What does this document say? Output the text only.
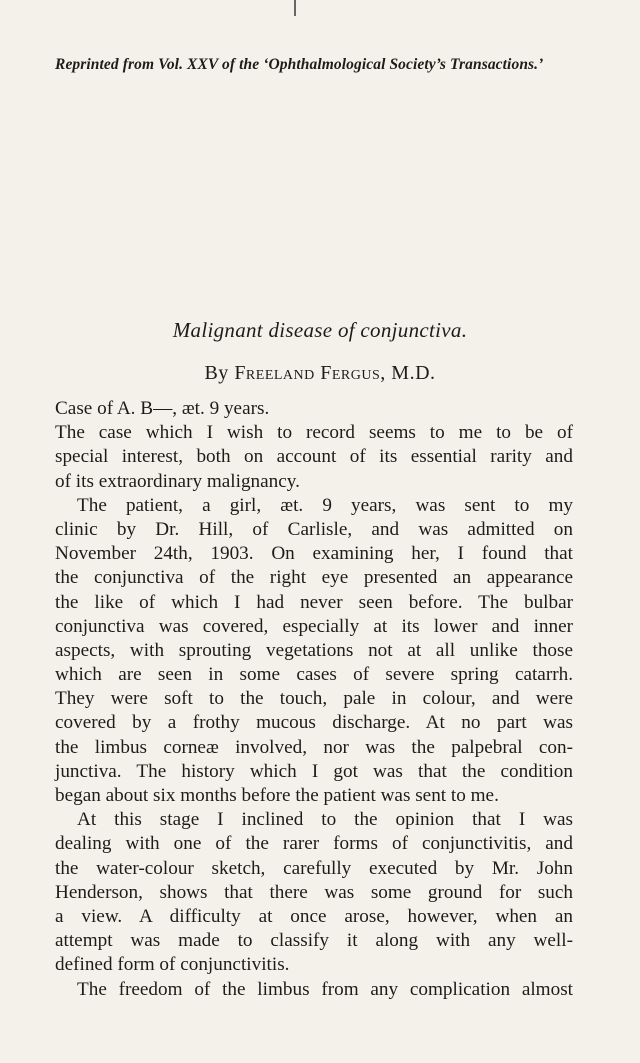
Reprinted from Vol. XXV of the ‘Ophthalmological Society’s Transactions.’
Malignant disease of conjunctiva.
By Freeland Fergus, M.D.
Case of A. B—, æt. 9 years.
The case which I wish to record seems to me to be of
special interest, both on account of its essential rarity and
of its extraordinary malignancy.
The patient, a girl, æt. 9 years, was sent to my
clinic by Dr. Hill, of Carlisle, and was admitted on
November 24th, 1903. On examining her, I found that
the conjunctiva of the right eye presented an appearance
the like of which I had never seen before. The bulbar
conjunctiva was covered, especially at its lower and inner
aspects, with sprouting vegetations not at all unlike those
which are seen in some cases of severe spring catarrh.
They were soft to the touch, pale in colour, and were
covered by a frothy mucous discharge. At no part was
the limbus corneæ involved, nor was the palpebral con-
junctiva. The history which I got was that the condition
began about six months before the patient was sent to me.
At this stage I inclined to the opinion that I was
dealing with one of the rarer forms of conjunctivitis, and
the water-colour sketch, carefully executed by Mr. John
Henderson, shows that there was some ground for such
a view. A difficulty at once arose, however, when an
attempt was made to classify it along with any well-
defined form of conjunctivitis.
The freedom of the limbus from any complication almost
